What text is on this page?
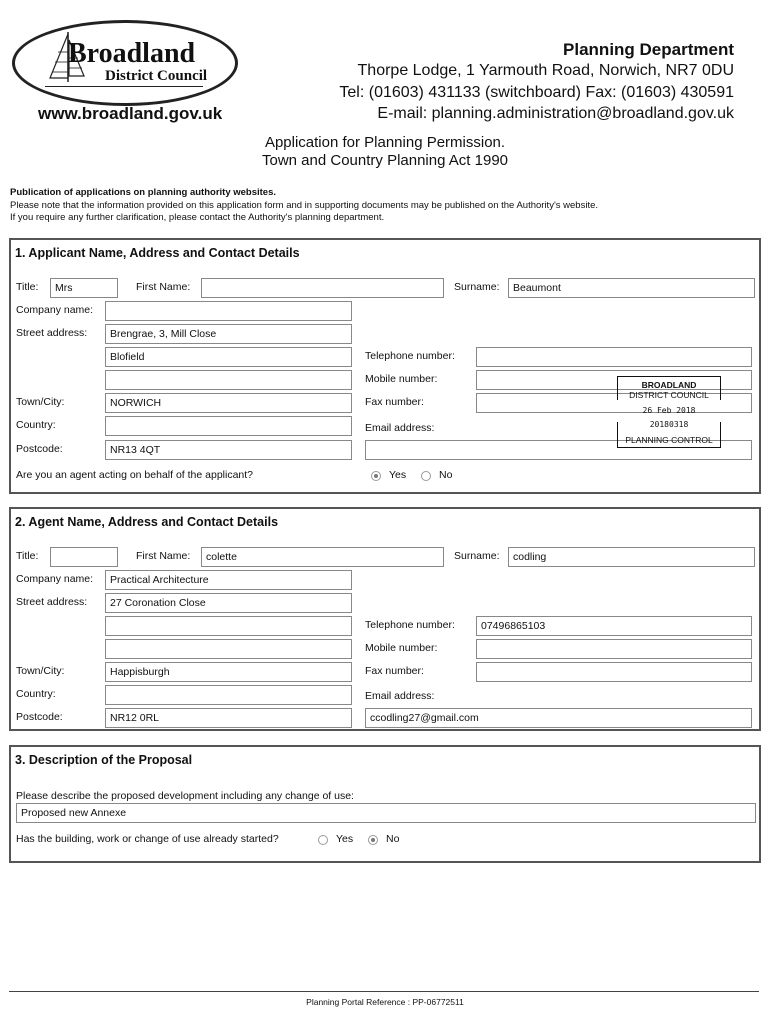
Broadland
District Council
www.broadland.gov.uk
Planning Department
Thorpe Lodge, 1 Yarmouth Road, Norwich, NR7 0DU
Tel: (01603) 431133 (switchboard) Fax: (01603) 430591
E-mail: planning.administration@broadland.gov.uk
Application for Planning Permission.
Town and Country Planning Act 1990
Publication of applications on planning authority websites.
Please note that the information provided on this application form and in supporting documents may be published on the Authority's website.
If you require any further clarification, please contact the Authority's planning department.
1. Applicant Name, Address and Contact Details
Title:	Mrs	First Name:	Surname:	Beaumont
Company name:
Street address:	Brengrae, 3, Mill Close
Blofield
Town/City:	NORWICH
Country:
Postcode:	NR13 4QT
Telephone number:
Mobile number:
Fax number:
Email address:
Are you an agent acting on behalf of the applicant?	Yes	No
BROADLAND
DISTRICT COUNCIL
26 Feb 2018
20180318
PLANNING CONTROL
2. Agent Name, Address and Contact Details
Title:	First Name:	colette	Surname:	codling
Company name:	Practical Architecture
Street address:	27 Coronation Close
Town/City:	Happisburgh
Country:
Postcode:	NR12 0RL
Telephone number:	07496865103
Mobile number:
Fax number:
Email address:
ccodling27@gmail.com
3. Description of the Proposal
Please describe the proposed development including any change of use:
Proposed new Annexe
Has the building, work or change of use already started?	Yes	No
Planning Portal Reference : PP-06772511
